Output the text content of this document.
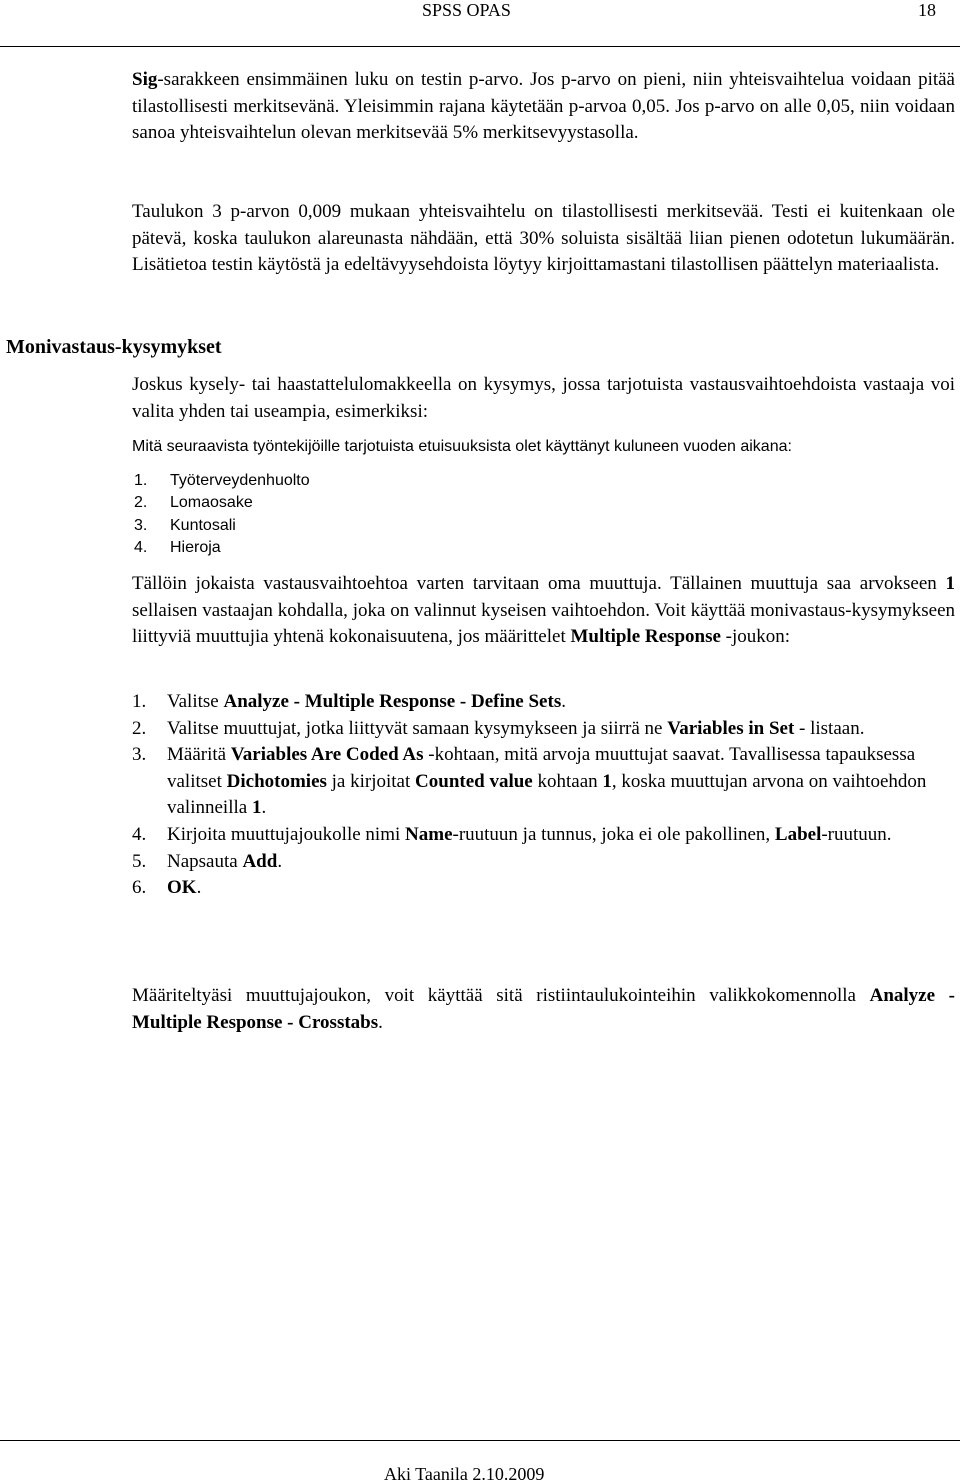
SPSS OPAS	18
Sig-sarakkeen ensimmäinen luku on testin p-arvo. Jos p-arvo on pieni, niin yhteisvaihtelua voidaan pitää tilastollisesti merkitsevänä. Yleisimmin rajana käytetään p-arvoa 0,05. Jos p-arvo on alle 0,05, niin voidaan sanoa yhteisvaihtelun olevan merkitsevää 5% merkitsevyystasolla.
Taulukon 3 p-arvon 0,009 mukaan yhteisvaihtelu on tilastollisesti merkitsevää. Testi ei kuitenkaan ole pätevä, koska taulukon alareunasta nähdään, että 30% soluista sisältää liian pienen odotetun lukumäärän. Lisätietoa testin käytöstä ja edeltävyysehdoista löytyy kirjoittamastani tilastollisen päättelyn materiaalista.
Monivastaus-kysymykset
Joskus kysely- tai haastattelulomakkeella on kysymys, jossa tarjotuista vastausvaihtoehdoista vastaaja voi valita yhden tai useampia, esimerkiksi:
Mitä seuraavista työntekijöille tarjotuista etuisuuksista olet käyttänyt kuluneen vuoden aikana:
1. Työterveydenhuolto
2. Lomaosake
3. Kuntosali
4. Hieroja
Tällöin jokaista vastausvaihtoehtoa varten tarvitaan oma muuttuja. Tällainen muuttuja saa arvokseen 1 sellaisen vastaajan kohdalla, joka on valinnut kyseisen vaihtoehdon. Voit käyttää monivastaus-kysymykseen liittyviä muuttujia yhtenä kokonaisuutena, jos määrittelet Multiple Response -joukon:
1. Valitse Analyze - Multiple Response - Define Sets.
2. Valitse muuttujat, jotka liittyvät samaan kysymykseen ja siirrä ne Variables in Set - listaan.
3. Määritä Variables Are Coded As -kohtaan, mitä arvoja muuttujat saavat. Tavallisessa tapauksessa valitset Dichotomies ja kirjoitat Counted value kohtaan 1, koska muuttujan arvona on vaihtoehdon valinneilla 1.
4. Kirjoita muuttujajoukolle nimi Name-ruutuun ja tunnus, joka ei ole pakollinen, Label-ruutuun.
5. Napsauta Add.
6. OK.
Määriteltyäsi muuttujajoukon, voit käyttää sitä ristiintaulukointeihin valikkokomennolla Analyze - Multiple Response - Crosstabs.
Aki Taanila 2.10.2009
